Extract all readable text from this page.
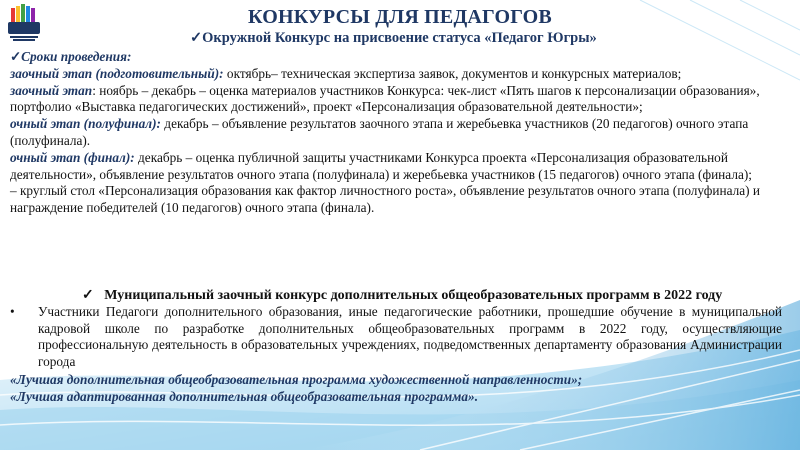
КОНКУРСЫ ДЛЯ ПЕДАГОГОВ
✓Окружной Конкурс на присвоение статуса «Педагог Югры»

✓Сроки проведения:

заочный этап (подготовительный): октябрь– техническая экспертиза заявок, документов и конкурсных материалов;

заочный этап: ноябрь – декабрь – оценка материалов участников Конкурса: чек-лист «Пять шагов к персонализации образования», портфолио «Выставка педагогических достижений», проект «Персонализация образовательной деятельности»;

очный этап (полуфинал): декабрь – объявление результатов заочного этапа и жеребьевка участников (20 педагогов) очного этапа (полуфинала).

очный этап (финал): декабрь – оценка публичной защиты участниками Конкурса проекта «Персонализация образовательной деятельности», объявление результатов очного этапа (полуфинала) и жеребьевка участников (15 педагогов) очного этапа (финала);

– круглый стол «Персонализация образования как фактор личностного роста», объявление результатов очного этапа (полуфинала) и награждение победителей (10 педагогов) очного этапа (финала).

✓ Муниципальный заочный конкурс дополнительных общеобразовательных программ в 2022 году
•	Участники Педагоги дополнительного образования, иные педагогические работники, прошедшие обучение в муниципальной кадровой школе по разработке дополнительных общеобразовательных программ в 2022 году, осуществляющие профессиональную деятельность в образовательных учреждениях, подведомственных департаменту образования Администрации города
«Лучшая дополнительная общеобразовательная программа художественной направленности»;
«Лучшая адаптированная дополнительная общеобразовательная программа».
